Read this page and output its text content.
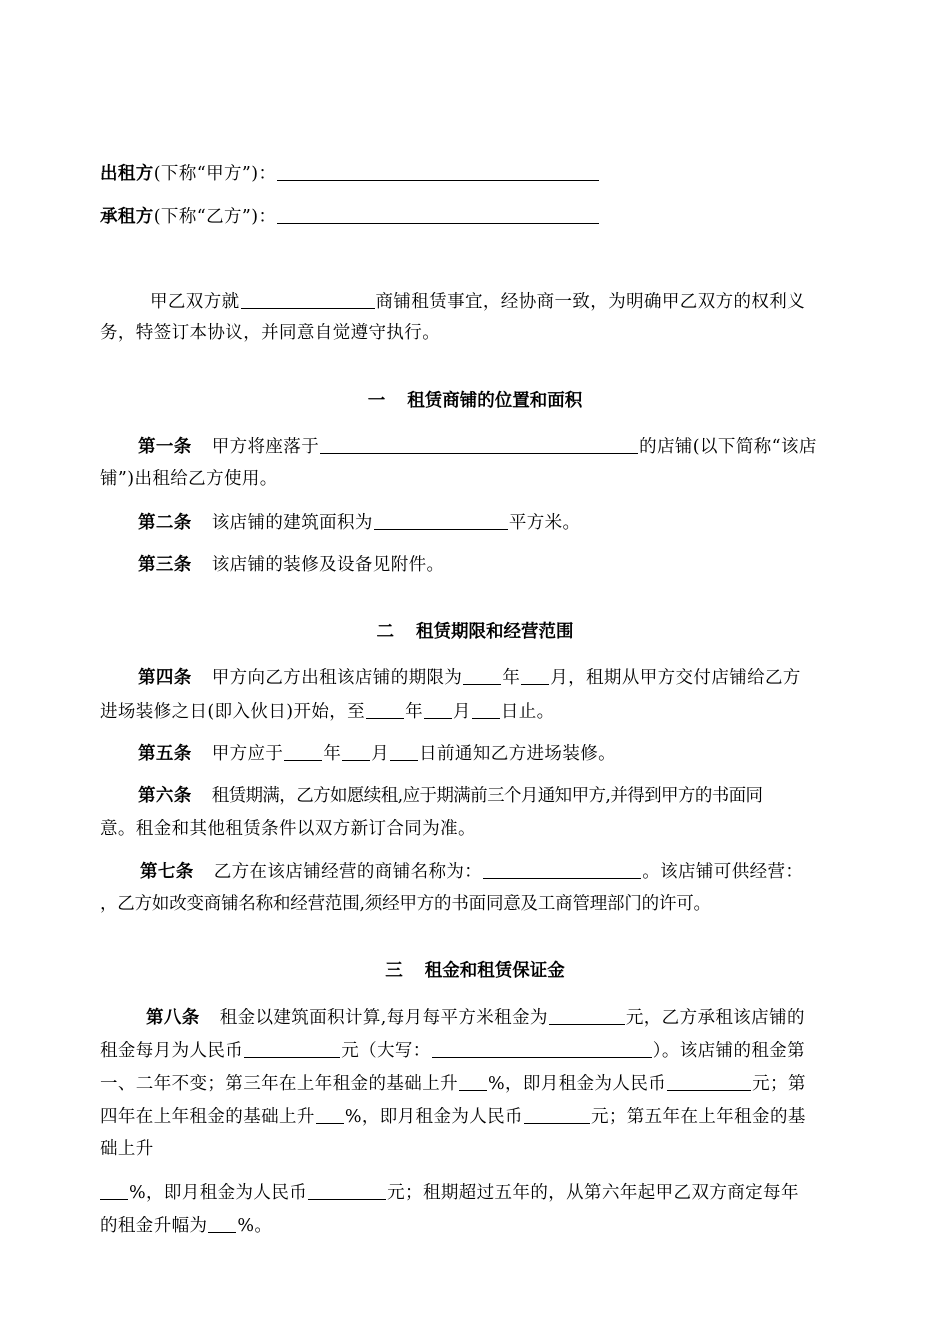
出租方(下称“甲方”)：
承租方(下称“乙方”)：
甲乙双方就	商铺租赁事宜，经协商一致，为明确甲乙双方的权利义
务，特签订本协议，并同意自觉遵守执行。
一 租赁商铺的位置和面积
第一条 甲方将座落于	的店铺(以下简称“该店
铺”)出租给乙方使用。
第二条 该店铺的建筑面积为	平方米。
第三条 该店铺的装修及设备见附件。
二 租赁期限和经营范围
第四条 甲方向乙方出租该店铺的期限为 年 月，租期从甲方交付店铺给乙方
进场装修之日(即入伙日)开始，至 年 月 日止。
第五条 甲方应于 年 月 日前通知乙方进场装修。
第六条 租赁期满，乙方如愿续租,应于期满前三个月通知甲方,并得到甲方的书面同
意。租金和其他租赁条件以双方新订合同为准。
第七条 乙方在该店铺经营的商铺名称为：	。该店铺可供经营：
，乙方如改变商铺名称和经营范围,须经甲方的书面同意及工商管理部门的许可。
三 租金和租赁保证金
第八条 租金以建筑面积计算,每月每平方米租金为	元，乙方承租该店铺的
租金每月为人民币	元（大写：	）。该店铺的租金第
一、二年不变；第三年在上年租金的基础上升 %，即月租金为人民币	元；第
四年在上年租金的基础上升 %，即月租金为人民币	元；第五年在上年租金的基
础上升
%，即月租金为人民币	元；租期超过五年的，从第六年起甲乙双方商定每年
的租金升幅为 %。
